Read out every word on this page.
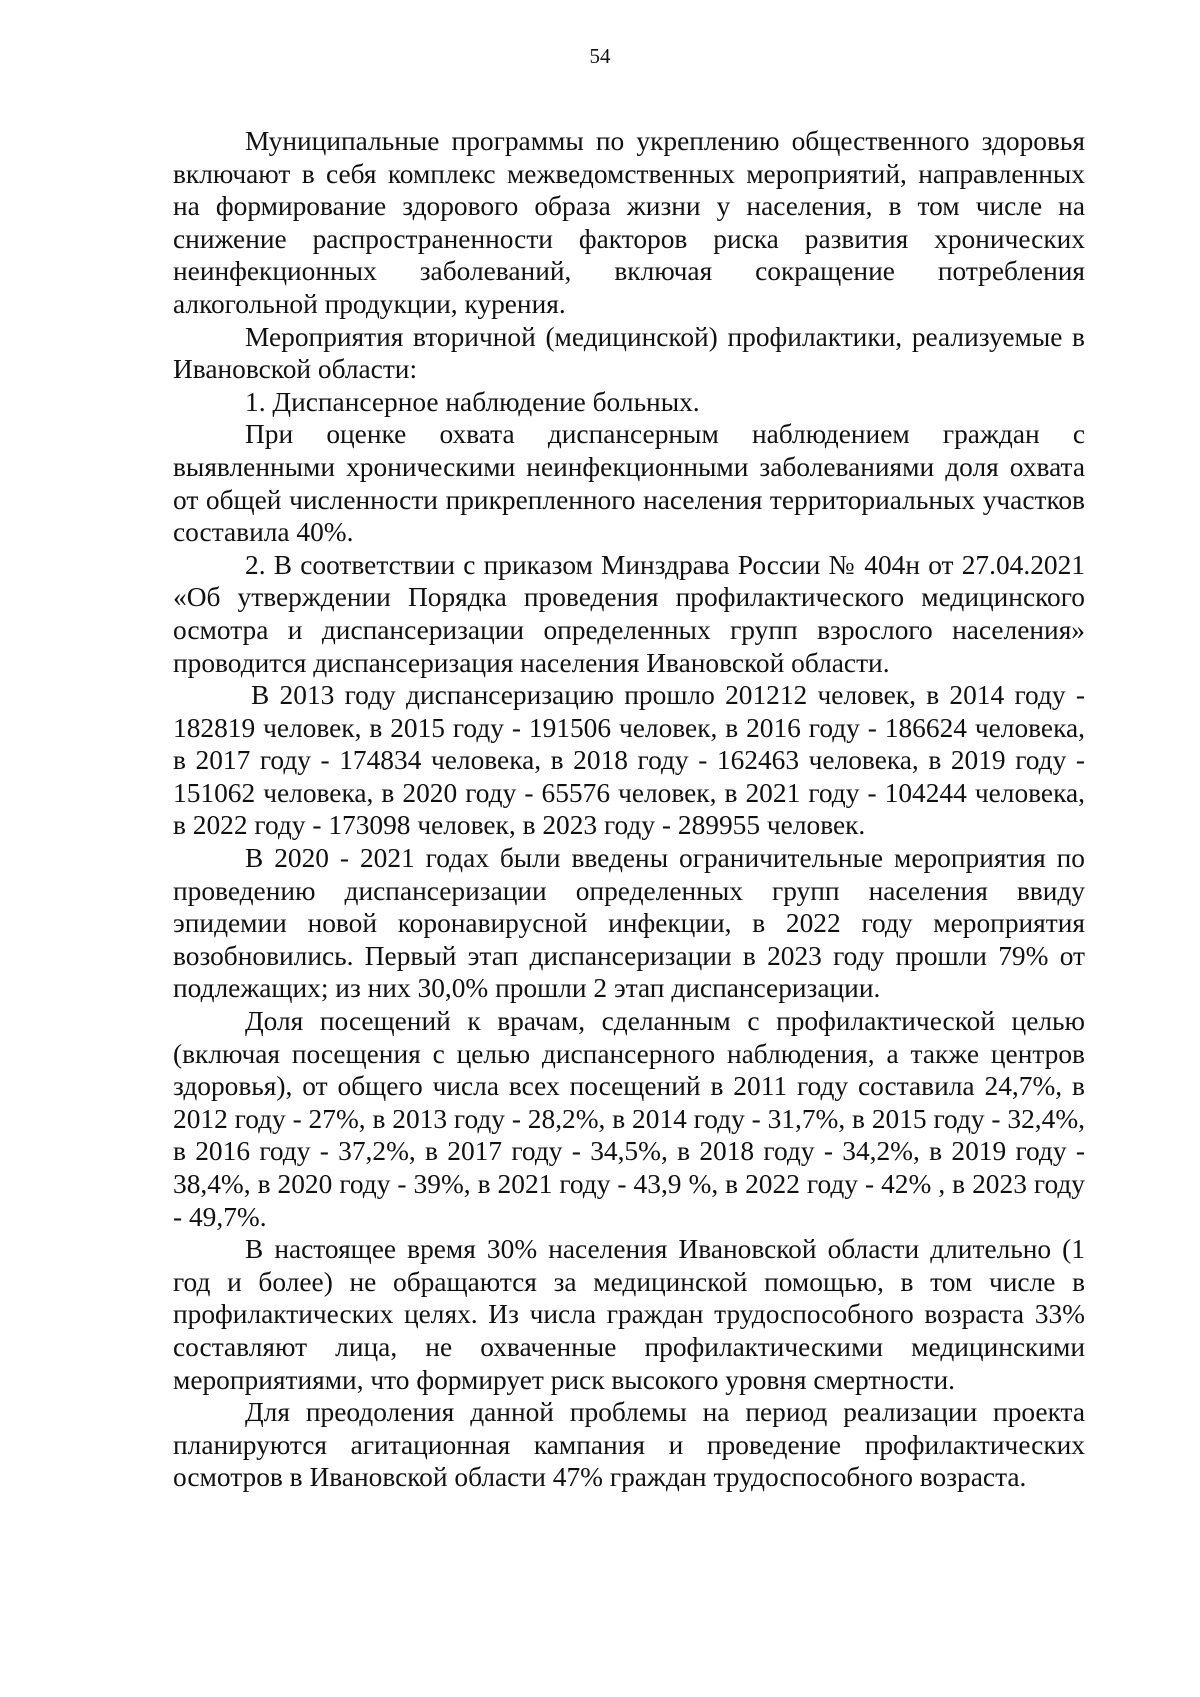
54

Муниципальные программы по укреплению общественного здоровья включают в себя комплекс межведомственных мероприятий, направленных на формирование здорового образа жизни у населения, в том числе на снижение распространенности факторов риска развития хронических неинфекционных заболеваний, включая сокращение потребления алкогольной продукции, курения.

Мероприятия вторичной (медицинской) профилактики, реализуемые в Ивановской области:

1. Диспансерное наблюдение больных.

При оценке охвата диспансерным наблюдением граждан с выявленными хроническими неинфекционными заболеваниями доля охвата от общей численности прикрепленного населения территориальных участков составила 40%.

2. В соответствии с приказом Минздрава России № 404н от 27.04.2021 «Об утверждении Порядка проведения профилактического медицинского осмотра и диспансеризации определенных групп взрослого населения» проводится диспансеризация населения Ивановской области.

В 2013 году диспансеризацию прошло 201212 человек, в 2014 году - 182819 человек, в 2015 году - 191506 человек, в 2016 году - 186624 человека, в 2017 году - 174834 человека, в 2018 году - 162463 человека, в 2019 году - 151062 человека, в 2020 году - 65576 человек, в 2021 году - 104244 человека, в 2022 году - 173098 человек, в 2023 году - 289955 человек.

В 2020 - 2021 годах были введены ограничительные мероприятия по проведению диспансеризации определенных групп населения ввиду эпидемии новой коронавирусной инфекции, в 2022 году мероприятия возобновились. Первый этап диспансеризации в 2023 году прошли 79% от подлежащих; из них 30,0% прошли 2 этап диспансеризации.

Доля посещений к врачам, сделанным с профилактической целью (включая посещения с целью диспансерного наблюдения, а также центров здоровья), от общего числа всех посещений в 2011 году составила 24,7%, в 2012 году - 27%, в 2013 году - 28,2%, в 2014 году - 31,7%, в 2015 году - 32,4%, в 2016 году - 37,2%, в 2017 году - 34,5%, в 2018 году - 34,2%, в 2019 году - 38,4%, в 2020 году - 39%, в 2021 году - 43,9 %, в 2022 году - 42% , в 2023 году - 49,7%.

В настоящее время 30% населения Ивановской области длительно (1 год и более) не обращаются за медицинской помощью, в том числе в профилактических целях. Из числа граждан трудоспособного возраста 33% составляют лица, не охваченные профилактическими медицинскими мероприятиями, что формирует риск высокого уровня смертности.

Для преодоления данной проблемы на период реализации проекта планируются агитационная кампания и проведение профилактических осмотров в Ивановской области 47% граждан трудоспособного возраста.
